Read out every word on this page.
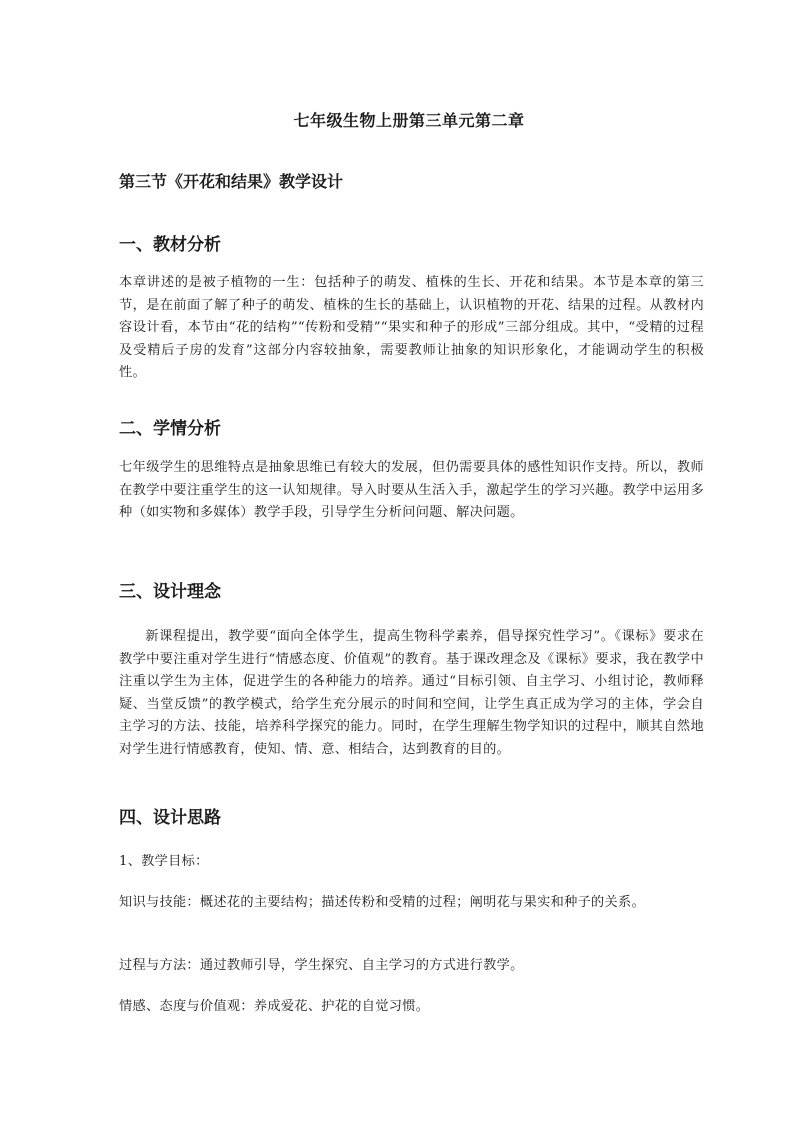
七年级生物上册第三单元第二章
第三节《开花和结果》教学设计
一、教材分析

本章讲述的是被子植物的一生：包括种子的萌发、植株的生长、开花和结果。本节是本章的第三节，是在前面了解了种子的萌发、植株的生长的基础上，认识植物的开花、结果的过程。从教材内容设计看，本节由“花的结构”“传粉和受精”“果实和种子的形成”三部分组成。其中，“受精的过程及受精后子房的发育”这部分内容较抽象，需要教师让抽象的知识形象化，才能调动学生的积极性。

二、学情分析

七年级学生的思维特点是抽象思维已有较大的发展，但仍需要具体的感性知识作支持。所以，教师在教学中要注重学生的这一认知规律。导入时要从生活入手，激起学生的学习兴趣。教学中运用多种（如实物和多媒体）教学手段，引导学生分析问问题、解决问题。

三、设计理念

新课程提出，教学要“面向全体学生，提高生物科学素养，倡导探究性学习”。《课标》要求在教学中要注重对学生进行“情感态度、价值观”的教育。基于课改理念及《课标》要求，我在教学中注重以学生为主体，促进学生的各种能力的培养。通过“目标引领、自主学习、小组讨论，教师释疑、当堂反馈”的教学模式，给学生充分展示的时间和空间，让学生真正成为学习的主体，学会自主学习的方法、技能，培养科学探究的能力。同时，在学生理解生物学知识的过程中，顺其自然地对学生进行情感教育，使知、情、意、相结合，达到教育的目的。

四、设计思路

1、教学目标：

知识与技能：概述花的主要结构；描述传粉和受精的过程；阐明花与果实和种子的关系。

过程与方法：通过教师引导，学生探究、自主学习的方式进行教学。

情感、态度与价值观：养成爱花、护花的自觉习惯。
